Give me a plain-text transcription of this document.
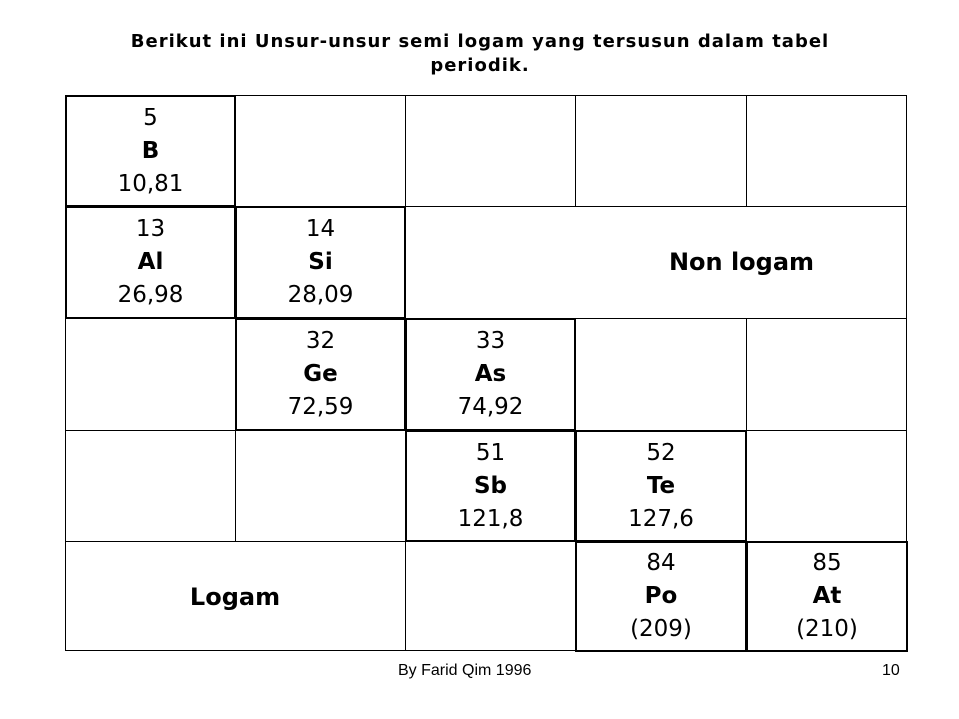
Berikut ini Unsur-unsur semi logam yang tersusun dalam tabel
periodik.
5
B
10,81
13
Al
26,98
14
Si
28,09
32
Ge
72,59
33
As
74,92
51
Sb
121,8
52
Te
127,6
84
Po
(209)
85
At
(210)
Non logam
Logam
By Farid Qim 1996	10
